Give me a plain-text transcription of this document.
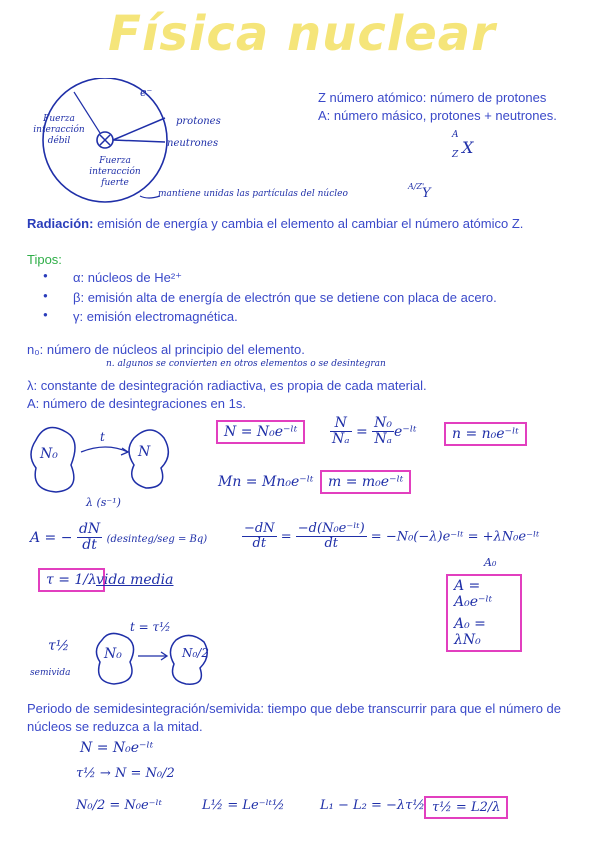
Física nuclear
e⁻
Fuerza interacción débil
Fuerza interacción fuerte
protones
neutrones
mantiene unidas las partículas del núcleo
A/Z'
Y
Z número atómico: número de protones
A: número másico, protones + neutrones.
A
Z X
Radiación: emisión de energía y cambia el elemento al cambiar el número atómico Z.
Tipos:
● α: núcleos de He²⁺
● β: emisión alta de energía de electrón que se detiene con placa de acero.
● γ: emisión electromagnética.
n₀: número de núcleos al principio del elemento.
n. algunos se convierten en otros elementos o se desintegran
λ: constante de desintegración radiactiva, es propia de cada material.
A: número de desintegraciones en 1s.
N₀
t
N
λ (s⁻¹)
N = N₀e⁻ˡᵗ	$\frac{N}{\text{Nₐ}} = \frac{\text{N₀}}{\text{Nₐ}}$ e⁻ˡᵗ	n = n₀e⁻ˡᵗ
Mn = Mn₀e⁻ˡᵗ	m = m₀e⁻ˡᵗ
A = − $\frac{dN}{dt}$ (desinteg/seg = Bq)	$\frac{-dN}{dt} = \frac{\text{−d(N₀e⁻ˡᵗ)}}{dt}$ = −N₀(−λ)e⁻ˡᵗ = +λN₀e⁻ˡᵗ
A₀
τ = 1/λ vida media	A = A₀e⁻ˡᵗ
A₀ = λN₀
τ½
semivida
t = τ½
N₀	N₀/2
Periodo de semidesintegración/semivida: tiempo que debe transcurrir para que el número de núcleos se reduzca a la mitad.
N = N₀e⁻ˡᵗ
τ½ → N = N₀/2
N₀/2 = N₀e⁻ˡᵗ	L½ = Le⁻ˡᵗ½	L₁ − L₂ = −λτ½ τ½ = L2/λ
